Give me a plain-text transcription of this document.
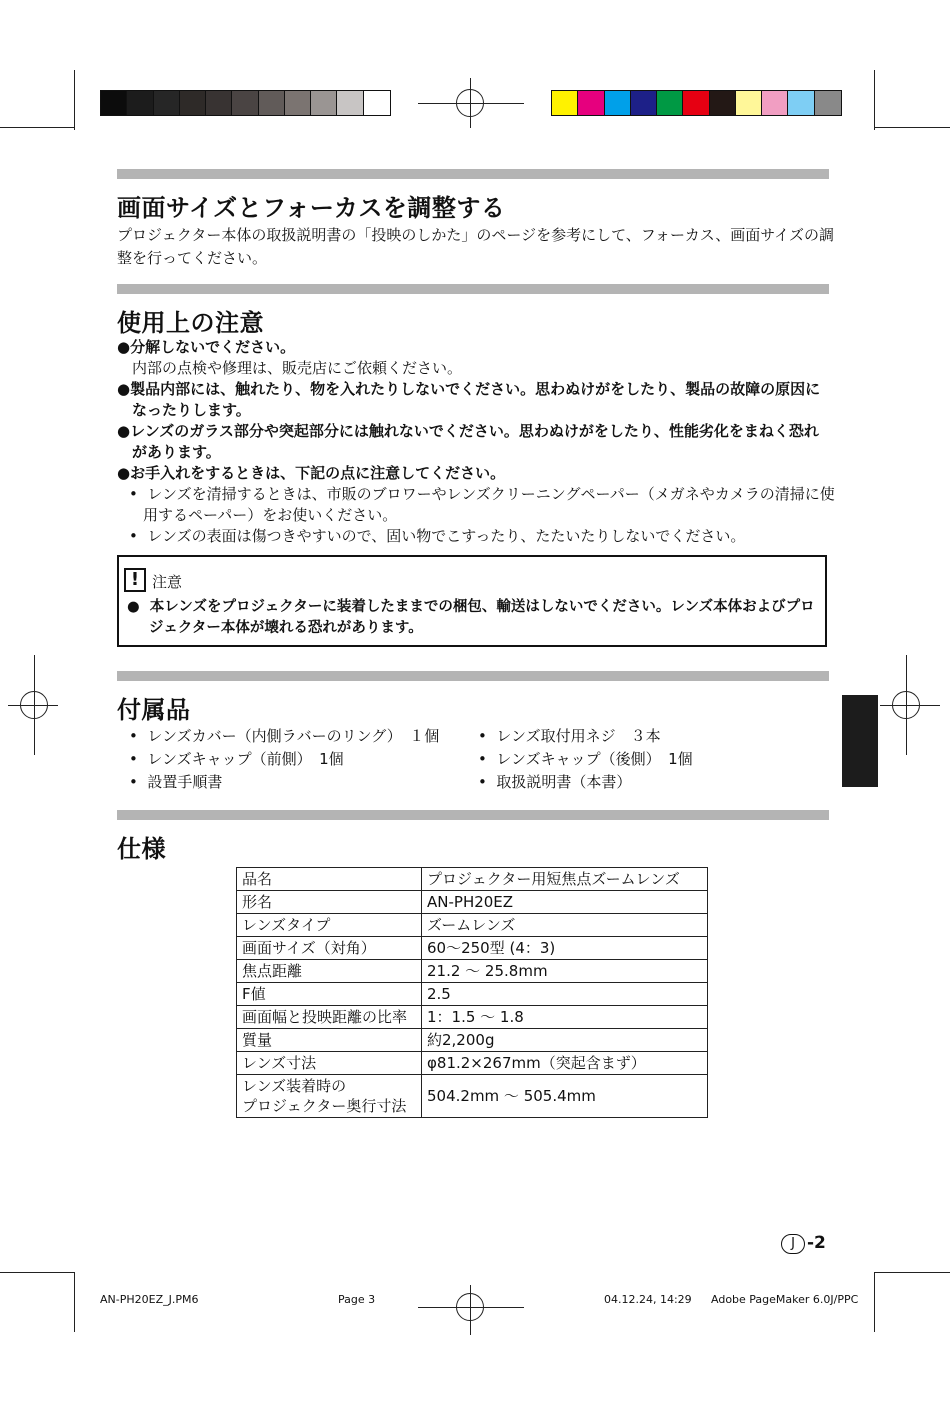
画面サイズとフォーカスを調整する
プロジェクター本体の取扱説明書の「投映のしかた」のページを参考にして、フォーカス、画面サイズの調
整を行ってください。
使用上の注意

●分解しないでください。

内部の点検や修理は、販売店にご依頼ください。

●製品内部には、触れたり、物を入れたりしないでください。思わぬけがをしたり、製品の故障の原因に

なったりします。

●レンズのガラス部分や突起部分には触れないでください。思わぬけがをしたり、性能劣化をまねく恐れ

があります。

●お手入れをするときは、下記の点に注意してください。

•  レンズを清掃するときは、市販のブロワーやレンズクリーニングペーパー（メガネやカメラの清掃に使

用するペーパー）をお使いください。

•  レンズの表面は傷つきやすいので、固い物でこすったり、たたいたりしないでください。

! 注意
●  本レンズをプロジェクターに装着したままでの梱包、輸送はしないでください。レンズ本体およびプロ
ジェクター本体が壊れる恐れがあります。
付属品
•  レンズカバー（内側ラバーのリング）　１個
•  レンズキャップ（前側）　1個
•  設置手順書
•  レンズ取付用ネジ　３本
•  レンズキャップ（後側）　1個
•  取扱説明書（本書）
仕様
品名	プロジェクター用短焦点ズームレンズ
形名	AN-PH20EZ
レンズタイプ	ズームレンズ
画面サイズ（対角）	60〜250型 (4：3)
焦点距離	21.2 〜 25.8mm
F値	2.5
画面幅と投映距離の比率	1：1.5 〜 1.8
質量	約2,200g
レンズ寸法	φ81.2×267mm（突起含まず）

レンズ装着時の
プロジェクター奥行寸法	504.2mm 〜 505.4mm
J -2
AN-PH20EZ_J.PM6	Page 3	04.12.24, 14:29 Adobe PageMaker 6.0J/PPC
